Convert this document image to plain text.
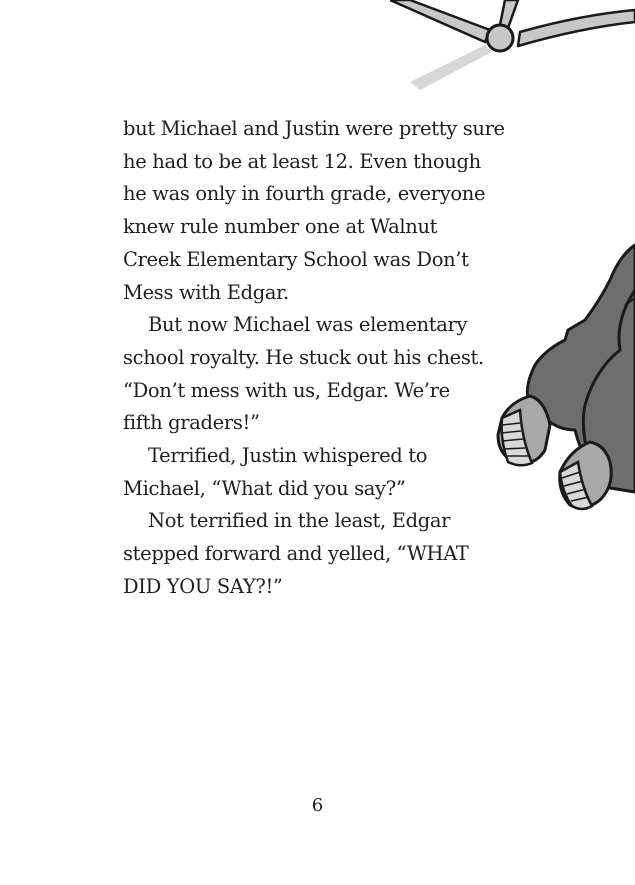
but Michael and Justin were pretty sure
he had to be at least 12. Even though
he was only in fourth grade, everyone
knew rule number one at Walnut
Creek Elementary School was Don’t
Mess with Edgar.
But now Michael was elementary
school royalty. He stuck out his chest.
“Don’t mess with us, Edgar. We’re
fifth graders!”
Terrified, Justin whispered to
Michael, “What did you say?”
Not terrified in the least, Edgar
stepped forward and yelled, “WHAT
DID YOU SAY?!”
6
